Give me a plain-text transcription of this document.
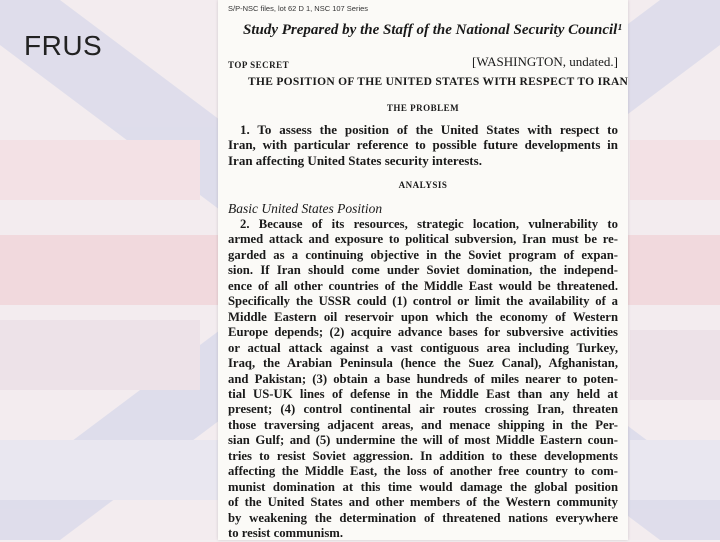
FRUS
S/P-NSC files, lot 62 D 1, NSC 107 Series
Study Prepared by the Staff of the National Security Council¹
TOP SECRET	[WASHINGTON, undated.]
THE POSITION OF THE UNITED STATES WITH RESPECT TO IRAN
THE PROBLEM
1. To assess the position of the United States with respect to
Iran, with particular reference to possible future developments in
Iran affecting United States security interests.
ANALYSIS
Basic United States Position
2. Because of its resources, strategic location, vulnerability to
armed attack and exposure to political subversion, Iran must be re-
garded as a continuing objective in the Soviet program of expan-
sion. If Iran should come under Soviet domination, the independ-
ence of all other countries of the Middle East would be threatened.
Specifically the USSR could (1) control or limit the availability of a
Middle Eastern oil reservoir upon which the economy of Western
Europe depends; (2) acquire advance bases for subversive activities
or actual attack against a vast contiguous area including Turkey,
Iraq, the Arabian Peninsula (hence the Suez Canal), Afghanistan,
and Pakistan; (3) obtain a base hundreds of miles nearer to poten-
tial US-UK lines of defense in the Middle East than any held at
present; (4) control continental air routes crossing Iran, threaten
those traversing adjacent areas, and menace shipping in the Per-
sian Gulf; and (5) undermine the will of most Middle Eastern coun-
tries to resist Soviet aggression. In addition to these developments
affecting the Middle East, the loss of another free country to com-
munist domination at this time would damage the global position
of the United States and other members of the Western community
by weakening the determination of threatened nations everywhere
to resist communism.
